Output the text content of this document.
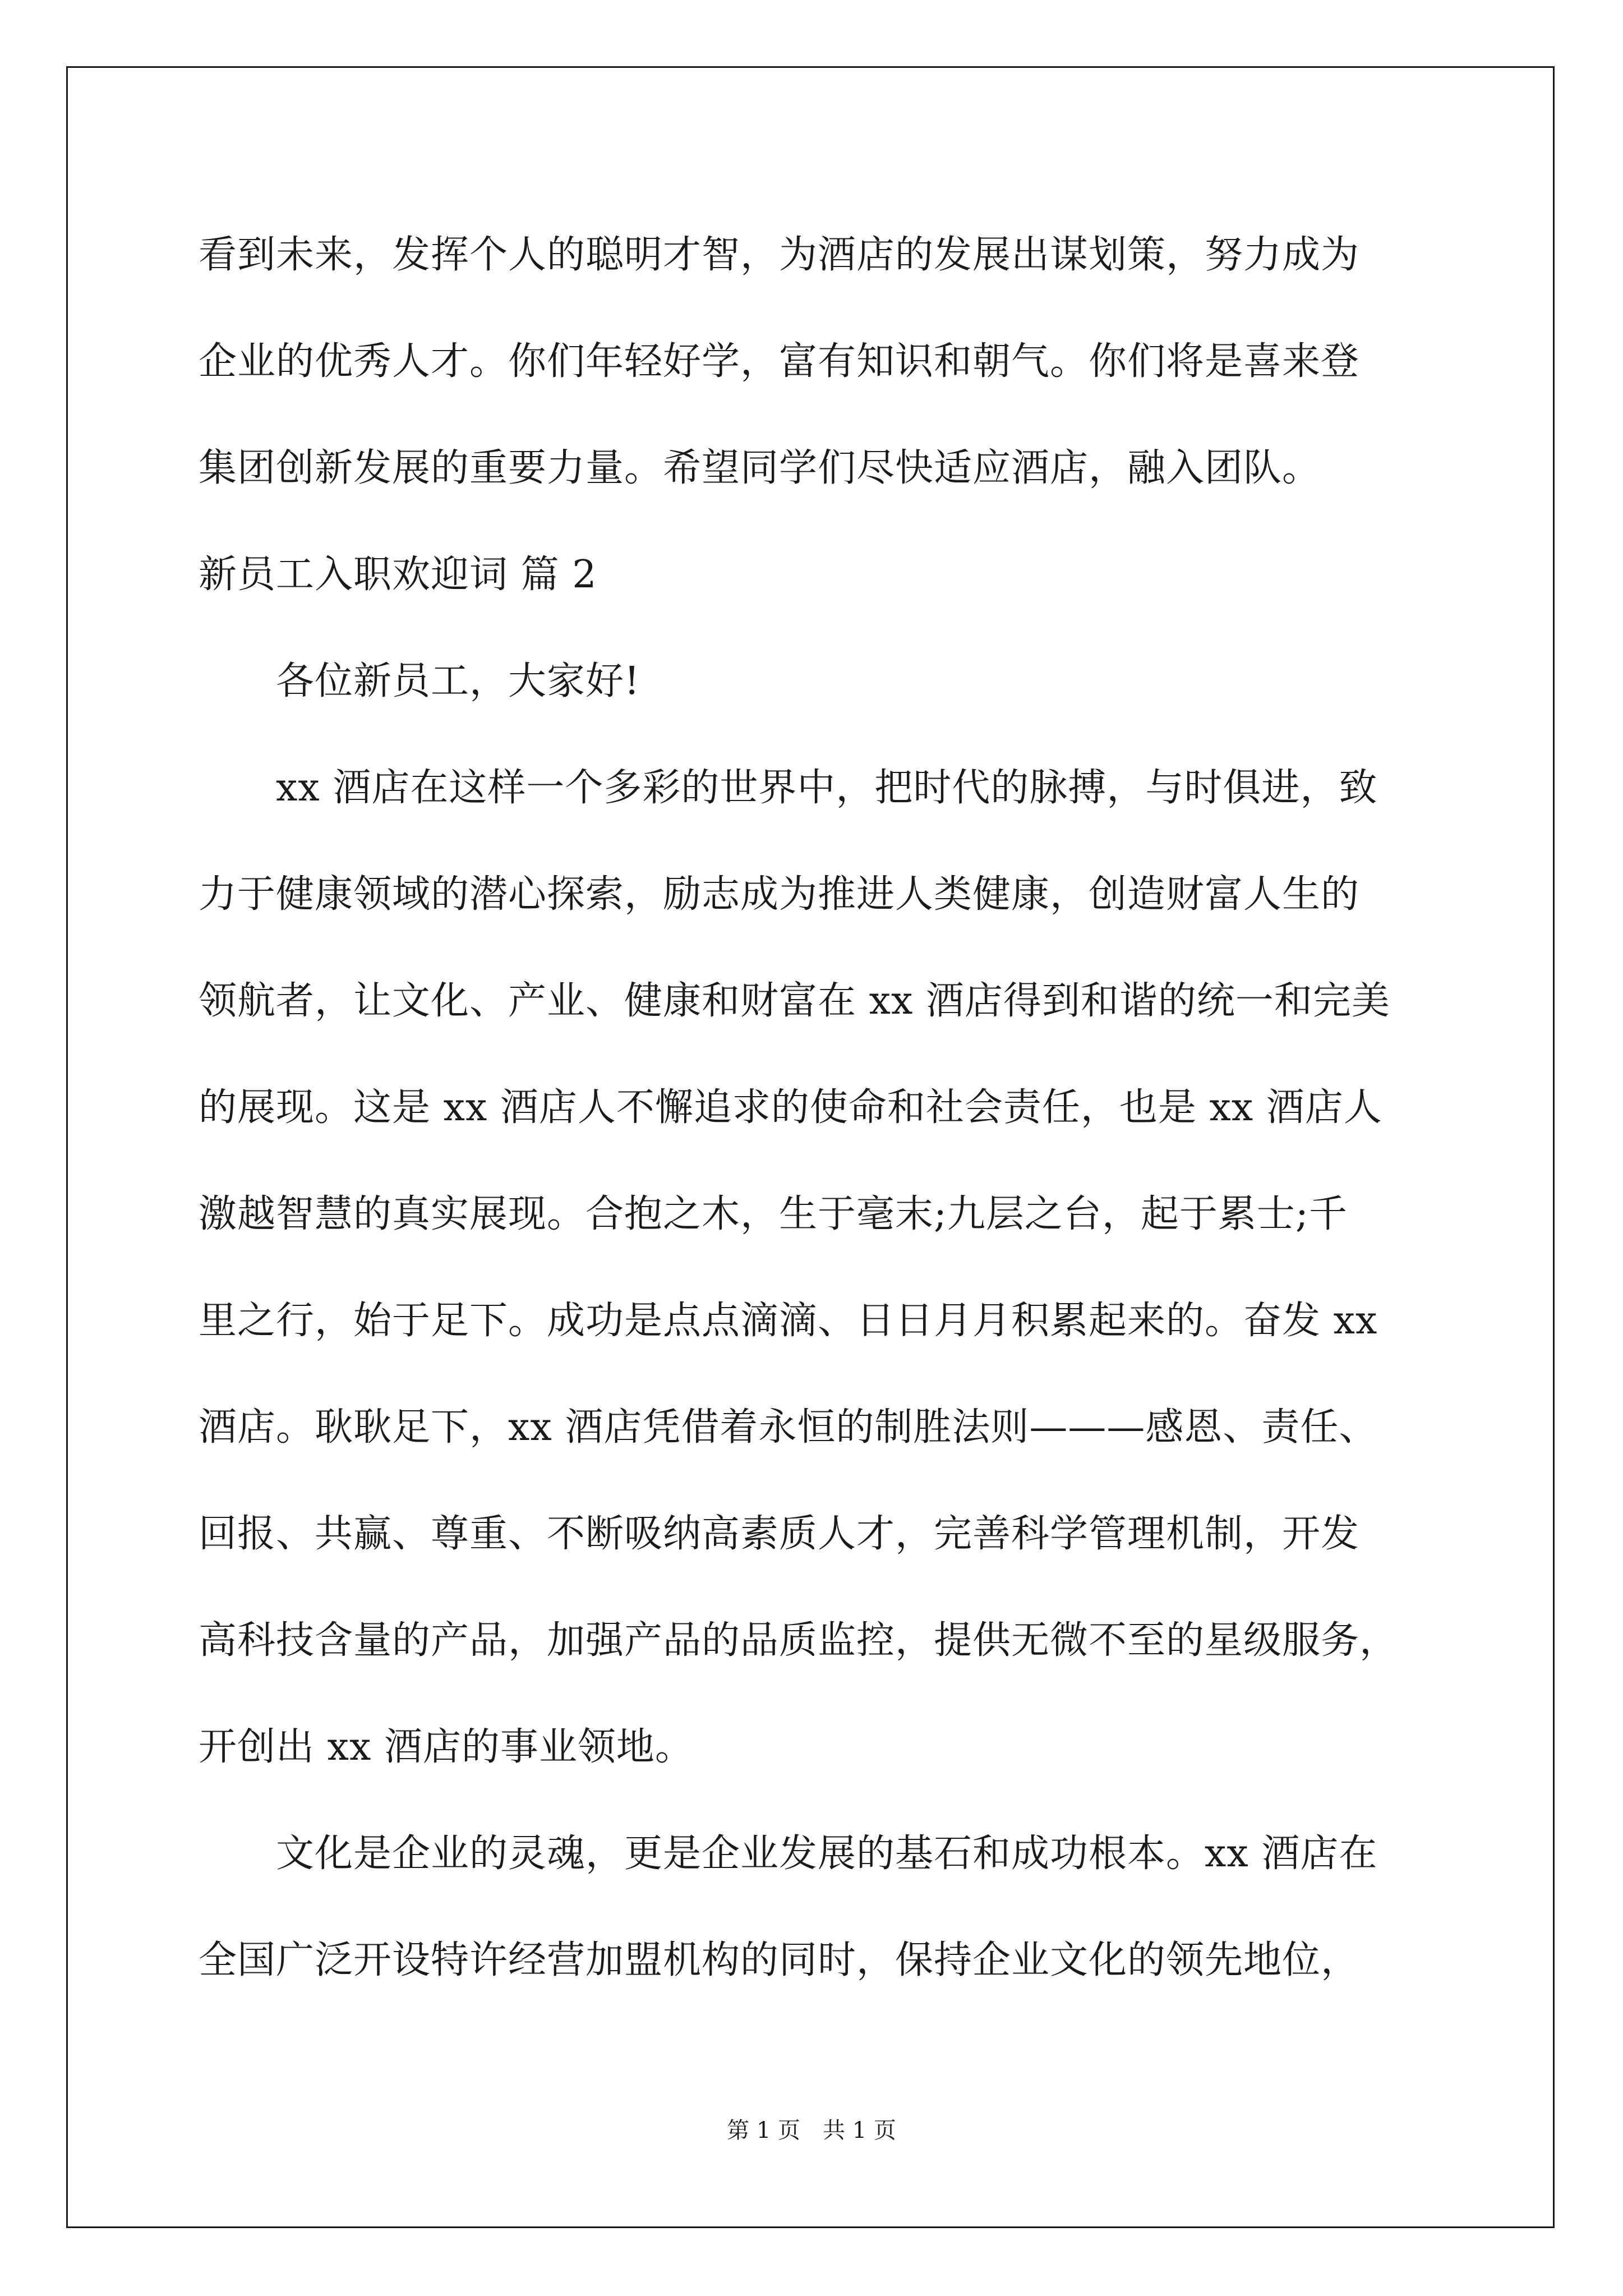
看到未来，发挥个人的聪明才智，为酒店的发展出谋划策，努力成为
企业的优秀人才。你们年轻好学，富有知识和朝气。你们将是喜来登
集团创新发展的重要力量。希望同学们尽快适应酒店，融入团队。
新员工入职欢迎词 篇 2
　　各位新员工，大家好!
　　xx 酒店在这样一个多彩的世界中，把时代的脉搏，与时俱进，致
力于健康领域的潜心探索，励志成为推进人类健康，创造财富人生的
领航者，让文化、产业、健康和财富在 xx 酒店得到和谐的统一和完美
的展现。这是 xx 酒店人不懈追求的使命和社会责任，也是 xx 酒店人
激越智慧的真实展现。合抱之木，生于毫末;九层之台，起于累士;千
里之行，始于足下。成功是点点滴滴、日日月月积累起来的。奋发 xx
酒店。耿耿足下，xx 酒店凭借着永恒的制胜法则———感恩、责任、
回报、共赢、尊重、不断吸纳高素质人才，完善科学管理机制，开发
高科技含量的产品，加强产品的品质监控，提供无微不至的星级服务，
开创出 xx 酒店的事业领地。
　　文化是企业的灵魂，更是企业发展的基石和成功根本。xx 酒店在
全国广泛开设特许经营加盟机构的同时，保持企业文化的领先地位，
第 1 页　共 1 页
